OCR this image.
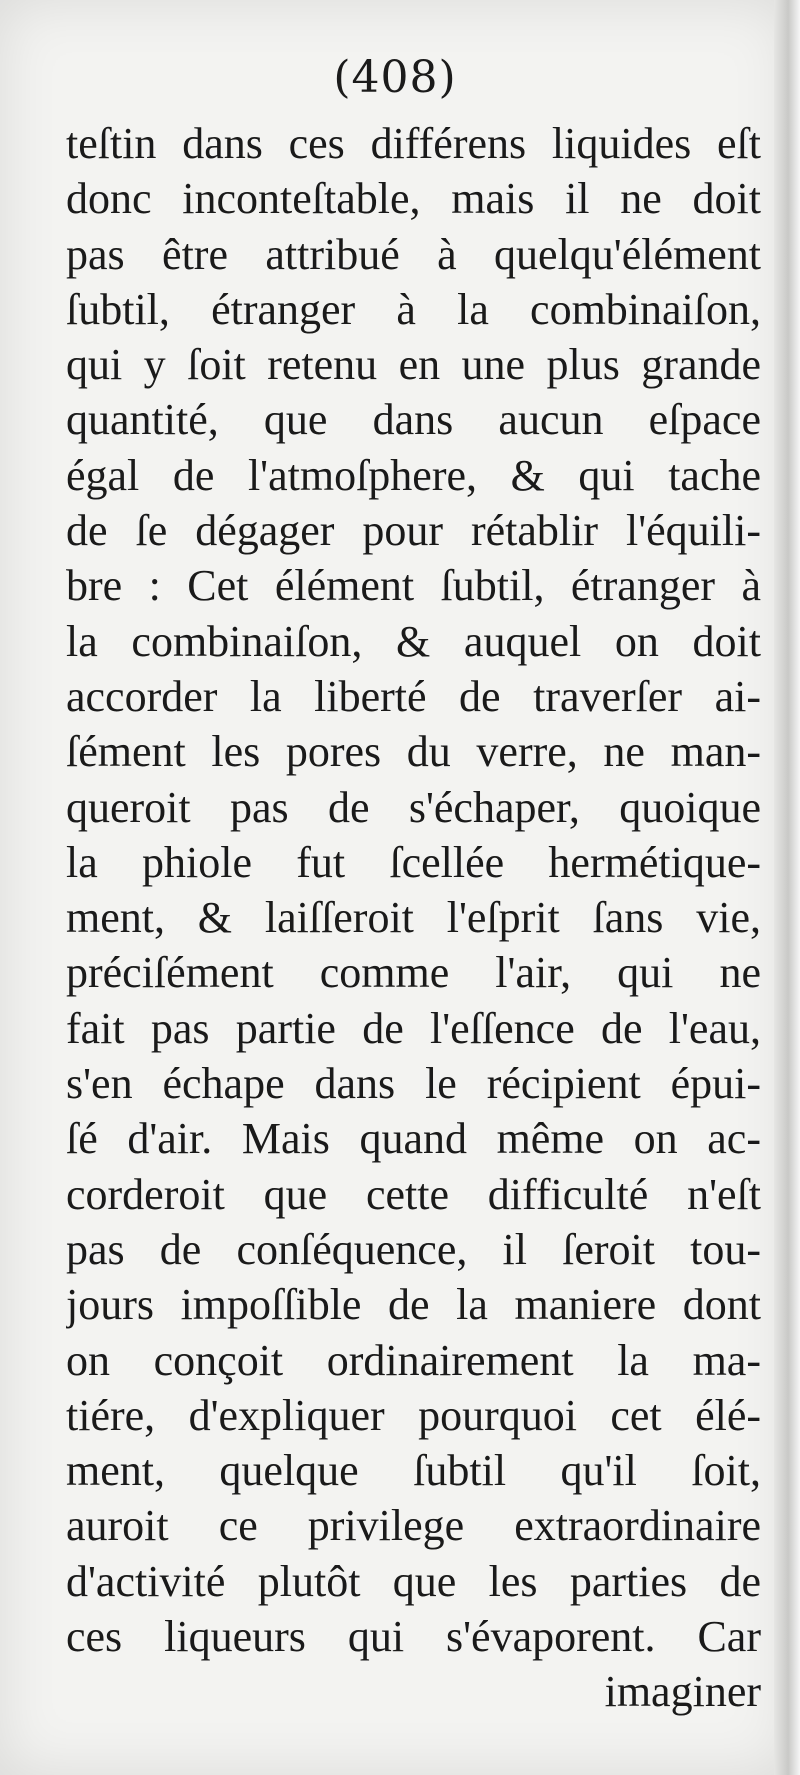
(408)
teſtin dans ces différens liquides eſt
donc inconteſtable, mais il ne doit
pas être attribué à quelqu'élément
ſubtil, étranger à la combinaiſon,
qui y ſoit retenu en une plus grande
quantité, que dans aucun eſpace
égal de l'atmoſphere, & qui tache
de ſe dégager pour rétablir l'équili-
bre : Cet élément ſubtil, étranger à
la combinaiſon, & auquel on doit
accorder la liberté de traverſer ai-
ſément les pores du verre, ne man-
queroit pas de s'échaper, quoique
la phiole fut ſcellée hermétique-
ment, & laiſſeroit l'eſprit ſans vie,
préciſément comme l'air, qui ne
fait pas partie de l'eſſence de l'eau,
s'en échape dans le récipient épui-
ſé d'air. Mais quand même on ac-
corderoit que cette difficulté n'eſt
pas de conſéquence, il ſeroit tou-
jours impoſſible de la maniere dont
on conçoit ordinairement la ma-
tiére, d'expliquer pourquoi cet élé-
ment, quelque ſubtil qu'il ſoit,
auroit ce privilege extraordinaire
d'activité plutôt que les parties de
ces liqueurs qui s'évaporent. Car
imaginer
